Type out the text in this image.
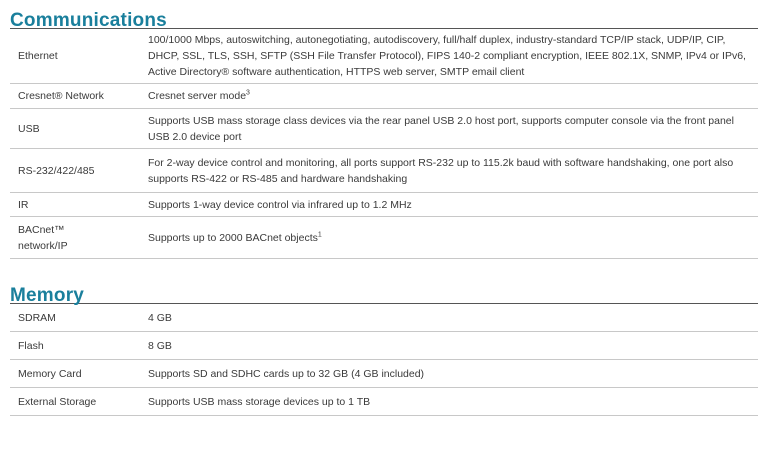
Communications
Ethernet	100/1000 Mbps, autoswitching, autonegotiating, autodiscovery, full/half duplex, industry-standard TCP/IP stack, UDP/IP, CIP, DHCP, SSL, TLS, SSH, SFTP (SSH File Transfer Protocol), FIPS 140-2 compliant encryption, IEEE 802.1X, SNMP, IPv4 or IPv6, Active Directory® software authentication, HTTPS web server, SMTP email client
Cresnet® Network	Cresnet server mode$^3$
USB	Supports USB mass storage class devices via the rear panel USB 2.0 host port, supports computer console via the front panel USB 2.0 device port
RS-232/422/485	For 2-way device control and monitoring, all ports support RS-232 up to 115.2k baud with software handshaking, one port also supports RS-422 or RS-485 and hardware handshaking
IR	Supports 1-way device control via infrared up to 1.2 MHz

BACnet™ network/IP	Supports up to 2000 BACnet objects$^1$
Memory
SDRAM	4 GB
Flash	8 GB
Memory Card	Supports SD and SDHC cards up to 32 GB (4 GB included)
External Storage	Supports USB mass storage devices up to 1 TB
